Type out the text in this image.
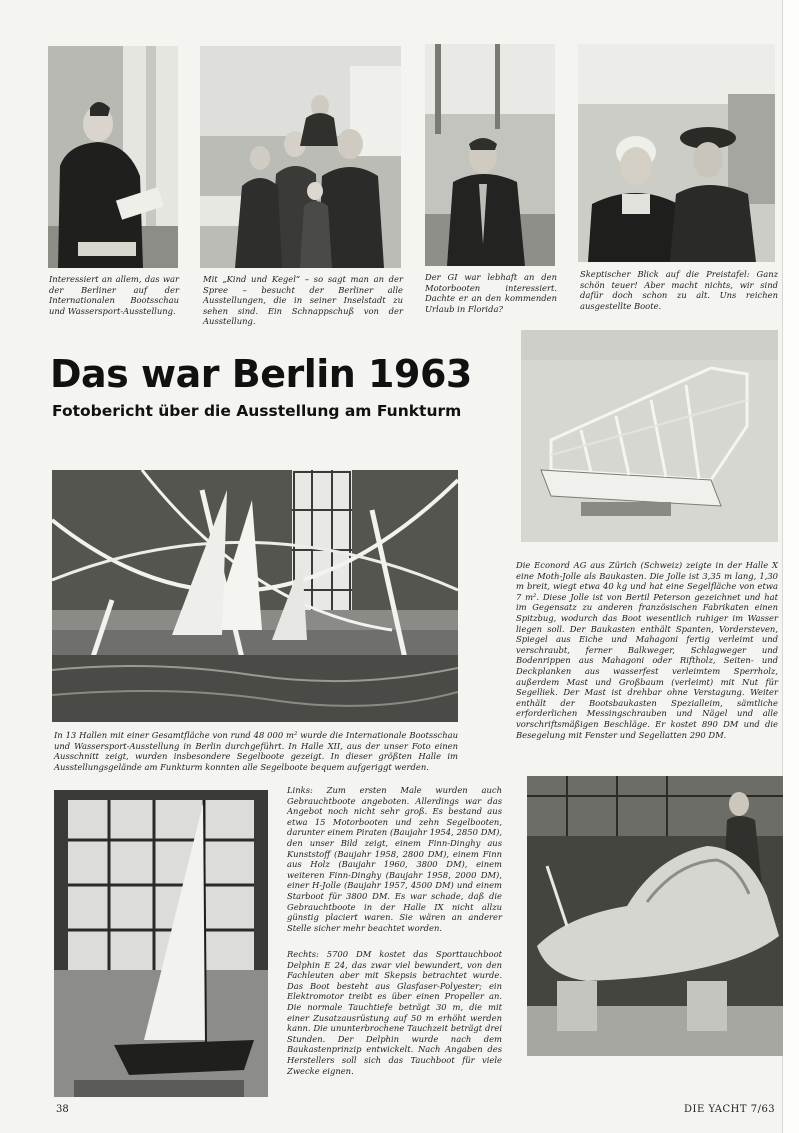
Interessiert an allem, das war der Berliner auf der Internationalen Bootsschau und Wassersport-Ausstellung.
Mit „Kind und Kegel“ – so sagt man an der Spree – besucht der Berliner alle Ausstellungen, die in seiner Inselstadt zu sehen sind. Ein Schnappschuß von der Ausstellung.
Der GI war lebhaft an den Motorbooten interessiert. Dachte er an den kommenden Urlaub in Florida?
Skeptischer Blick auf die Preistafel: Ganz schön teuer! Aber macht nichts, wir sind dafür doch schon zu alt. Uns reichen ausgestellte Boote.
Das war Berlin 1963
Fotobericht über die Ausstellung am Funkturm
Die Econord AG aus Zürich (Schweiz) zeigte in der Halle X eine Moth-Jolle als Baukasten. Die Jolle ist 3,35 m lang, 1,30 m breit, wiegt etwa 40 kg und hat eine Segelfläche von etwa 7 m². Diese Jolle ist von Bertil Peterson gezeichnet und hat im Gegensatz zu anderen französischen Fabrikaten einen Spitzbug, wodurch das Boot wesentlich ruhiger im Wasser liegen soll. Der Baukasten enthält Spanten, Vordersteven, Spiegel aus Eiche und Mahagoni fertig verleimt und verschraubt, ferner Balkweger, Schlagweger und Bodenrippen aus Mahagoni oder Riftholz, Seiten- und Deckplanken aus wasserfest verleimtem Sperrholz, außerdem Mast und Großbaum (verleimt) mit Nut für Segelliek. Der Mast ist drehbar ohne Verstagung. Weiter enthält der Bootsbaukasten Spezialleim, sämtliche erforderlichen Messingschrauben und Nägel und alle vorschriftsmäßigen Beschläge. Er kostet 890 DM und die Besegelung mit Fenster und Segellatten 290 DM.
In 13 Hallen mit einer Gesamtfläche von rund 48 000 m² wurde die Internationale Bootsschau und Wassersport-Ausstellung in Berlin durchgeführt. In Halle XII, aus der unser Foto einen Ausschnitt zeigt, wurden insbesondere Segelboote gezeigt. In dieser größten Halle im Ausstellungsgelände am Funkturm konnten alle Segelboote bequem aufgeriggt werden.
Links: Zum ersten Male wurden auch Gebrauchtboote angeboten. Allerdings war das Angebot noch nicht sehr groß. Es bestand aus etwa 15 Motorbooten und zehn Segelbooten, darunter einem Piraten (Baujahr 1954, 2850 DM), den unser Bild zeigt, einem Finn-Dinghy aus Kunststoff (Baujahr 1958, 2800 DM), einem Finn aus Holz (Baujahr 1960, 3800 DM), einem weiteren Finn-Dinghy (Baujahr 1958, 2000 DM), einer H-Jolle (Baujahr 1957, 4500 DM) und einem Starboot für 3800 DM. Es war schade, daß die Gebrauchtboote in der Halle IX nicht allzu günstig placiert waren. Sie wären an anderer Stelle sicher mehr beachtet worden.
Rechts: 5700 DM kostet das Sporttauchboot Delphin E 24, das zwar viel bewundert, von den Fachleuten aber mit Skepsis betrachtet wurde. Das Boot besteht aus Glasfaser-Polyester; ein Elektromotor treibt es über einen Propeller an. Die normale Tauchtiefe beträgt 30 m, die mit einer Zusatzausrüstung auf 50 m erhöht werden kann. Die ununterbrochene Tauchzeit beträgt drei Stunden. Der Delphin wurde nach dem Baukastenprinzip entwickelt. Nach Angaben des Herstellers soll sich das Tauchboot für viele Zwecke eignen.
38	DIE YACHT 7/63
